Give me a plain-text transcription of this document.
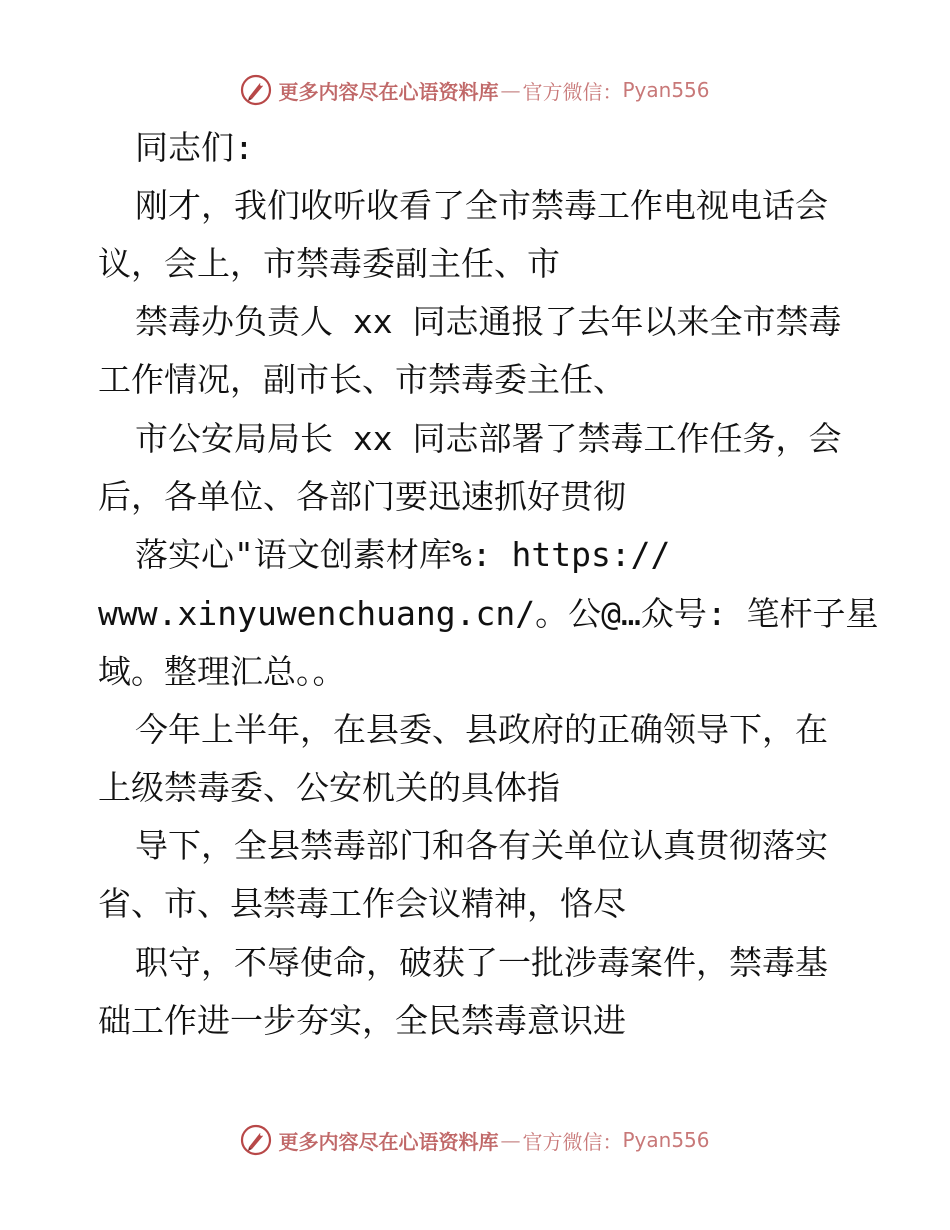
更多内容尽在心语资料库 — 官方微信： Pyan556
同志们:
刚才，我们收听收看了全市禁毒工作电视电话会
议，会上，市禁毒委副主任、市
禁毒办负责人 xx 同志通报了去年以来全市禁毒
工作情况，副市长、市禁毒委主任、
市公安局局长 xx 同志部署了禁毒工作任务，会
后，各单位、各部门要迅速抓好贯彻
落实心"语文创素材库%: https://
www.xinyuwenchuang.cn/。公@…众号: 笔杆子星
域。整理汇总。。
今年上半年，在县委、县政府的正确领导下，在
上级禁毒委、公安机关的具体指
导下，全县禁毒部门和各有关单位认真贯彻落实
省、市、县禁毒工作会议精神，恪尽
职守，不辱使命，破获了一批涉毒案件，禁毒基
础工作进一步夯实，全民禁毒意识进
更多内容尽在心语资料库 — 官方微信： Pyan556
